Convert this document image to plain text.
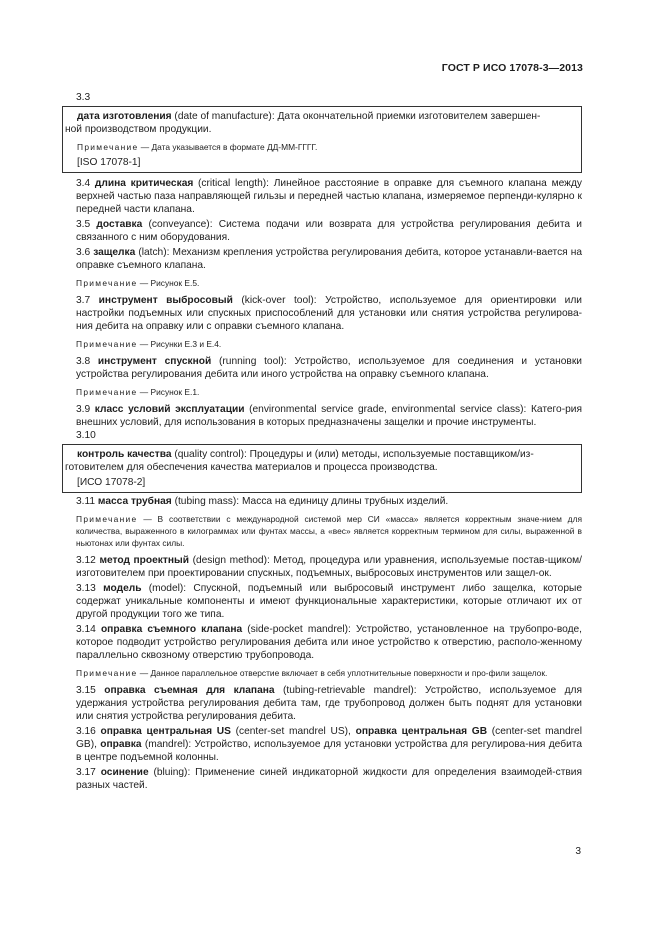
ГОСТ Р ИСО 17078-3—2013

3.3

дата изготовления (date of manufacture): Дата окончательной приемки изготовителем завершен-

ной производством продукции.

Примечание — Дата указывается в формате ДД-ММ-ГГГГ.

[ISO 17078-1]

3.4 длина критическая (critical length): Линейное расстояние в оправке для съемного клапана между верхней частью паза направляющей гильзы и передней частью клапана, измеряемое перпенди-кулярно к передней части клапана.

3.5 доставка (conveyance): Система подачи или возврата для устройства регулирования дебита и связанного с ним оборудования.

3.6 защелка (latch): Механизм крепления устройства регулирования дебита, которое устанавли-вается на оправке съемного клапана.

Примечание — Рисунок Е.5.

3.7 инструмент выбросовый (kick-over tool): Устройство, используемое для ориентировки или настройки подъемных или спускных приспособлений для установки или снятия устройства регулирова-ния дебита на оправку или с оправки съемного клапана.

Примечание — Рисунки Е.3 и Е.4.

3.8 инструмент спускной (running tool): Устройство, используемое для соединения и установки устройства регулирования дебита или иного устройства на оправку съемного клапана.

Примечание — Рисунок Е.1.

3.9 класс условий эксплуатации (environmental service grade, environmental service class): Катего-рия внешних условий, для использования в которых предназначены защелки и прочие инструменты.

3.10

контроль качества (quality control): Процедуры и (или) методы, используемые поставщиком/из-

готовителем для обеспечения качества материалов и процесса производства.

[ИСО 17078-2]

3.11 масса трубная (tubing mass): Масса на единицу длины трубных изделий.

Примечание — В соответствии с международной системой мер СИ «масса» является корректным значе-нием для количества, выраженного в килограммах или фунтах массы, а «вес» является корректным термином для силы, выраженной в ньютонах или фунтах силы.

3.12 метод проектный (design method): Метод, процедура или уравнения, используемые постав-щиком/изготовителем при проектировании спускных, подъемных, выбросовых инструментов или защел-ок.

3.13 модель (model): Спускной, подъемный или выбросовый инструмент либо защелка, которые содержат уникальные компоненты и имеют функциональные характеристики, которые отличают их от другой продукции того же типа.

3.14 оправка съемного клапана (side-pocket mandrel): Устройство, установленное на трубопро-воде, которое подводит устройство регулирования дебита или иное устройство к отверстию, располо-женному параллельно сквозному отверстию трубопровода.

Примечание — Данное параллельное отверстие включает в себя уплотнительные поверхности и про-фили защелок.

3.15 оправка съемная для клапана (tubing-retrievable mandrel): Устройство, используемое для удержания устройства регулирования дебита там, где трубопровод должен быть поднят для установки или снятия устройства регулирования дебита.

3.16 оправка центральная US (center-set mandrel US), оправка центральная GB (center-set mandrel GB), оправка (mandrel): Устройство, используемое для установки устройства для регулирова-ния дебита в центре подъемной колонны.

3.17 осинение (bluing): Применение синей индикаторной жидкости для определения взаимодей-ствия разных частей.

3
